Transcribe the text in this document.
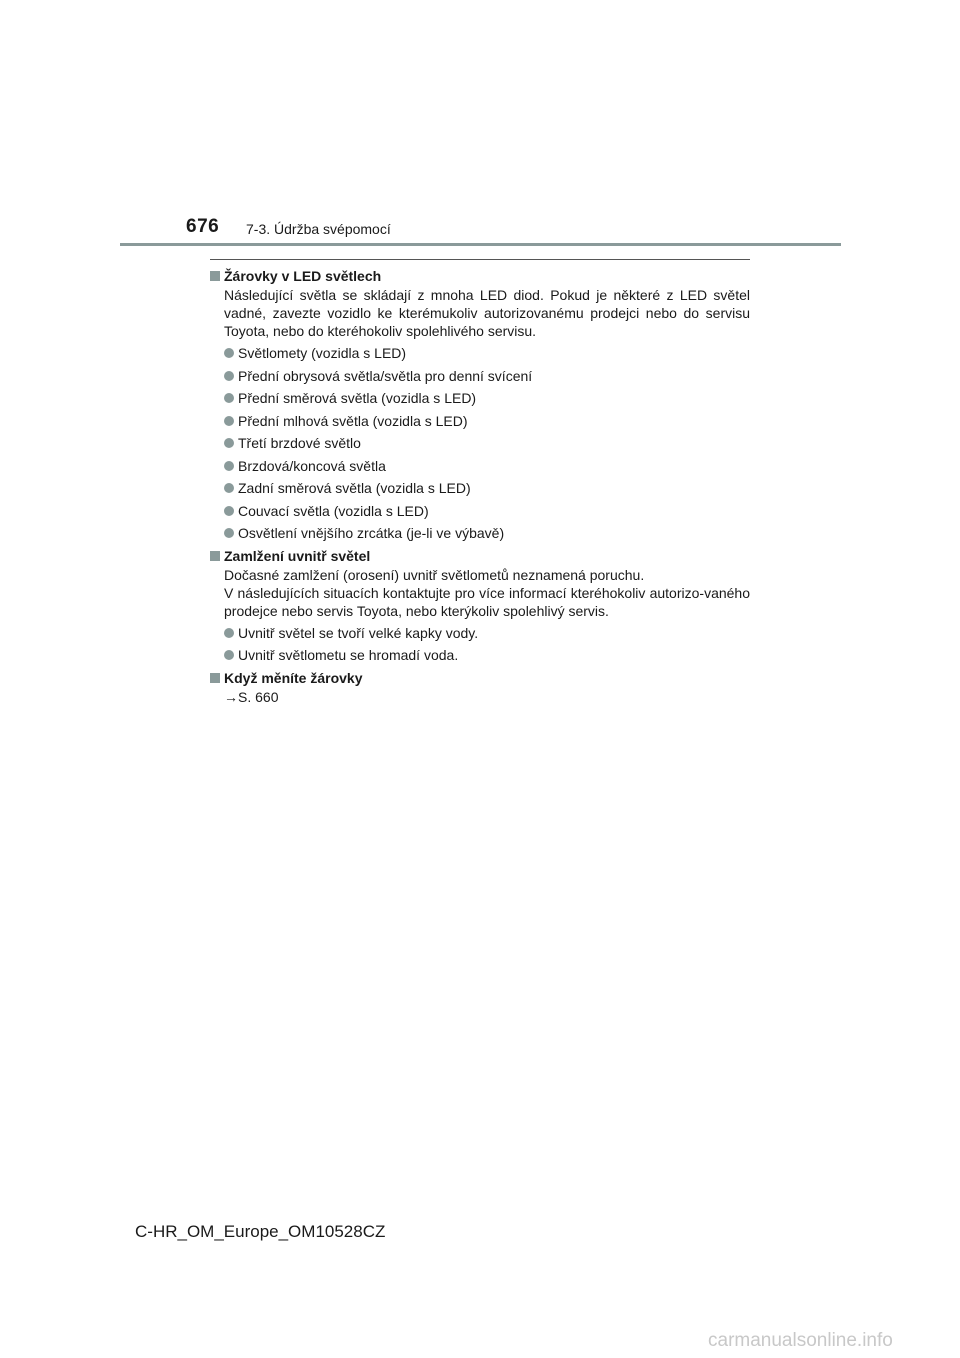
676 7-3. Údržba svépomocí
Žárovky v LED světlech
Následující světla se skládají z mnoha LED diod. Pokud je některé z LED světel vadné, zavezte vozidlo ke kterémukoliv autorizovanému prodejci nebo do servisu Toyota, nebo do kteréhokoliv spolehlivého servisu.
Světlomety (vozidla s LED)
Přední obrysová světla/světla pro denní svícení
Přední směrová světla (vozidla s LED)
Přední mlhová světla (vozidla s LED)
Třetí brzdové světlo
Brzdová/koncová světla
Zadní směrová světla (vozidla s LED)
Couvací světla (vozidla s LED)
Osvětlení vnějšího zrcátka (je-li ve výbavě)
Zamlžení uvnitř světel
Dočasné zamlžení (orosení) uvnitř světlometů neznamená poruchu.
V následujících situacích kontaktujte pro více informací kteréhokoliv autorizo-vaného prodejce nebo servis Toyota, nebo kterýkoliv spolehlivý servis.
Uvnitř světel se tvoří velké kapky vody.
Uvnitř světlometu se hromadí voda.
Když měníte žárovky
→S. 660
C-HR_OM_Europe_OM10528CZ
carmanualsonline.info
